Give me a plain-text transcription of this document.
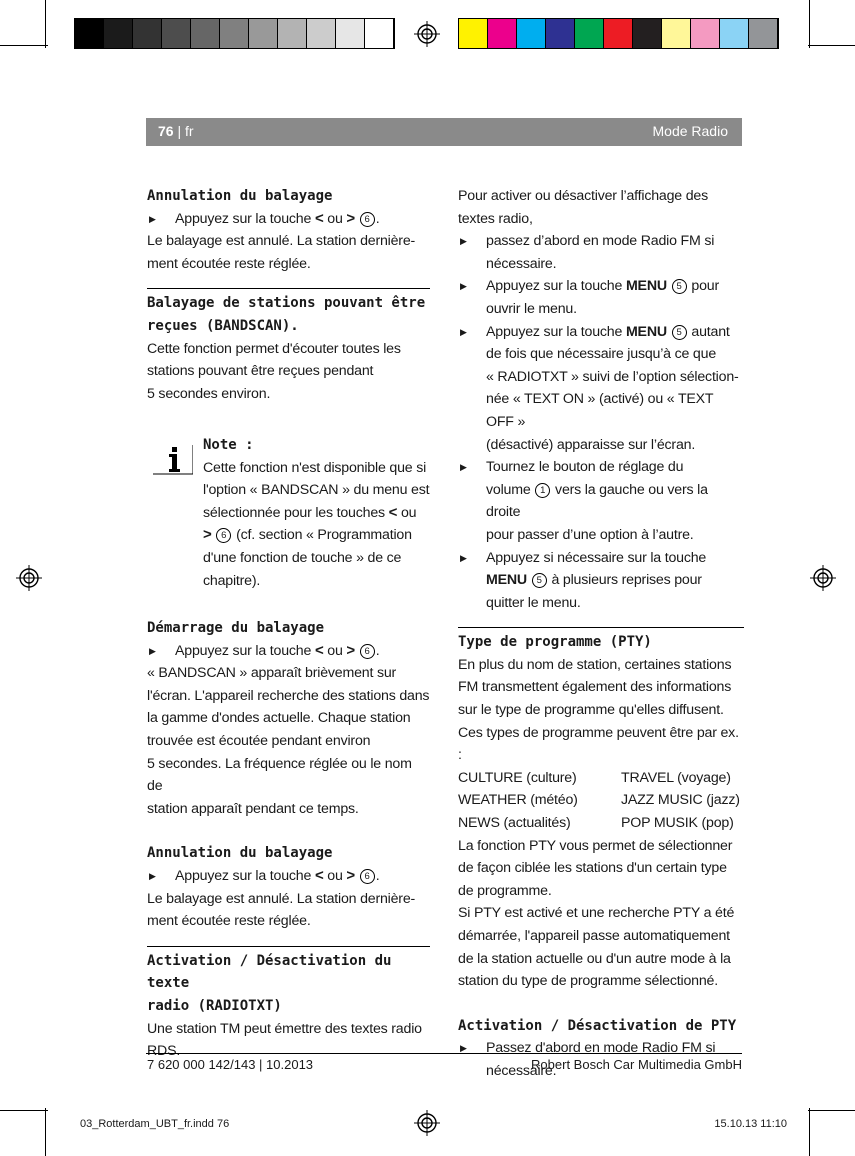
76 | fr	Mode Radio

Annulation du balayage

▶ Appuyez sur la touche < ou > 6 .

Le balayage est annulé. La station dernière-

ment écoutée reste réglée.

Balayage de stations pouvant être

reçues (BANDSCAN).

Cette fonction permet d'écouter toutes les

stations pouvant être reçues pendant

5 secondes environ.

Note :

Cette fonction n'est disponible que si

l'option « BANDSCAN » du menu est

sélectionnée pour les touches < ou

> 6 (cf. section « Programmation

d'une fonction de touche » de ce

chapitre).

Démarrage du balayage

▶ Appuyez sur la touche < ou > 6 .

« BANDSCAN » apparaît brièvement sur

l'écran. L'appareil recherche des stations dans

la gamme d'ondes actuelle. Chaque station

trouvée est écoutée pendant environ

5 secondes. La fréquence réglée ou le nom de

station apparaît pendant ce temps.

Annulation du balayage

▶ Appuyez sur la touche < ou > 6 .

Le balayage est annulé. La station dernière-

ment écoutée reste réglée.

Activation / Désactivation du texte

radio (RADIOTXT)

Une station TM peut émettre des textes radio

RDS.

Pour activer ou désactiver l’affichage des

textes radio,

▶ passez d’abord en mode Radio FM si
nécessaire.

▶ Appuyez sur la touche MENU 5 pour
ouvrir le menu.

▶ Appuyez sur la touche MENU 5 autant
de fois que nécessaire jusqu’à ce que
« RADIOTXT » suivi de l’option sélection-
née « TEXT ON » (activé) ou « TEXT OFF »
(désactivé) apparaisse sur l’écran.

▶ Tournez le bouton de réglage du
volume 1 vers la gauche ou vers la droite
pour passer d’une option à l’autre.

▶ Appuyez si nécessaire sur la touche
MENU 5 à plusieurs reprises pour
quitter le menu.

Type de programme (PTY)

En plus du nom de station, certaines stations

FM transmettent également des informations

sur le type de programme qu'elles diffusent.

Ces types de programme peuvent être par ex. :

CULTURE (culture)	TRAVEL (voyage)

WEATHER (météo)	JAZZ MUSIC (jazz)

NEWS (actualités)	POP MUSIK (pop)

La fonction PTY vous permet de sélectionner

de façon ciblée les stations d'un certain type

de programme.

Si PTY est activé et une recherche PTY a été

démarrée, l'appareil passe automatiquement

de la station actuelle ou d'un autre mode à la

station du type de programme sélectionné.

Activation / Désactivation de PTY

▶ Passez d'abord en mode Radio FM si
nécessaire.

7 620 000 142/143 | 10.2013	Robert Bosch Car Multimedia GmbH
03_Rotterdam_UBT_fr.indd 76	15.10.13 11:10
